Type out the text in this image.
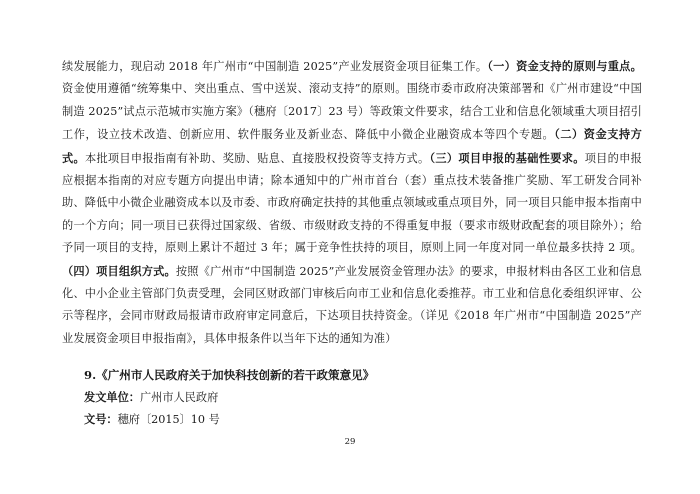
续发展能力，现启动 2018 年广州市“中国制造 2025”产业发展资金项目征集工作。（一）资金支持的原则与重点。资金使用遵循“统筹集中、突出重点、雪中送炭、滚动支持”的原则。围绕市委市政府决策部署和《广州市建设“中国制造 2025”试点示范城市实施方案》（穗府〔2017〕23 号）等政策文件要求，结合工业和信息化领域重大项目招引工作，设立技术改造、创新应用、软件服务业及新业态、降低中小微企业融资成本等四个专题。（二）资金支持方式。本批项目申报指南有补助、奖励、贴息、直接股权投资等支持方式。（三）项目申报的基础性要求。项目的申报应根据本指南的对应专题方向提出申请；除本通知中的广州市首台（套）重点技术装备推广奖励、军工研发合同补助、降低中小微企业融资成本以及市委、市政府确定扶持的其他重点领域或重点项目外，同一项目只能申报本指南中的一个方向；同一项目已获得过国家级、省级、市级财政支持的不得重复申报（要求市级财政配套的项目除外）；给予同一项目的支持，原则上累计不超过 3 年；属于竞争性扶持的项目，原则上同一年度对同一单位最多扶持 2 项。（四）项目组织方式。按照《广州市“中国制造 2025”产业发展资金管理办法》的要求，申报材料由各区工业和信息化、中小企业主管部门负责受理，会同区财政部门审核后向市工业和信息化委推荐。市工业和信息化委组织评审、公示等程序，会同市财政局报请市政府审定同意后，下达项目扶持资金。（详见《2018 年广州市“中国制造 2025”产业发展资金项目申报指南》，具体申报条件以当年下达的通知为准）

9.《广州市人民政府关于加快科技创新的若干政策意见》
发文单位：广州市人民政府
文号：穗府〔2015〕10 号
29
